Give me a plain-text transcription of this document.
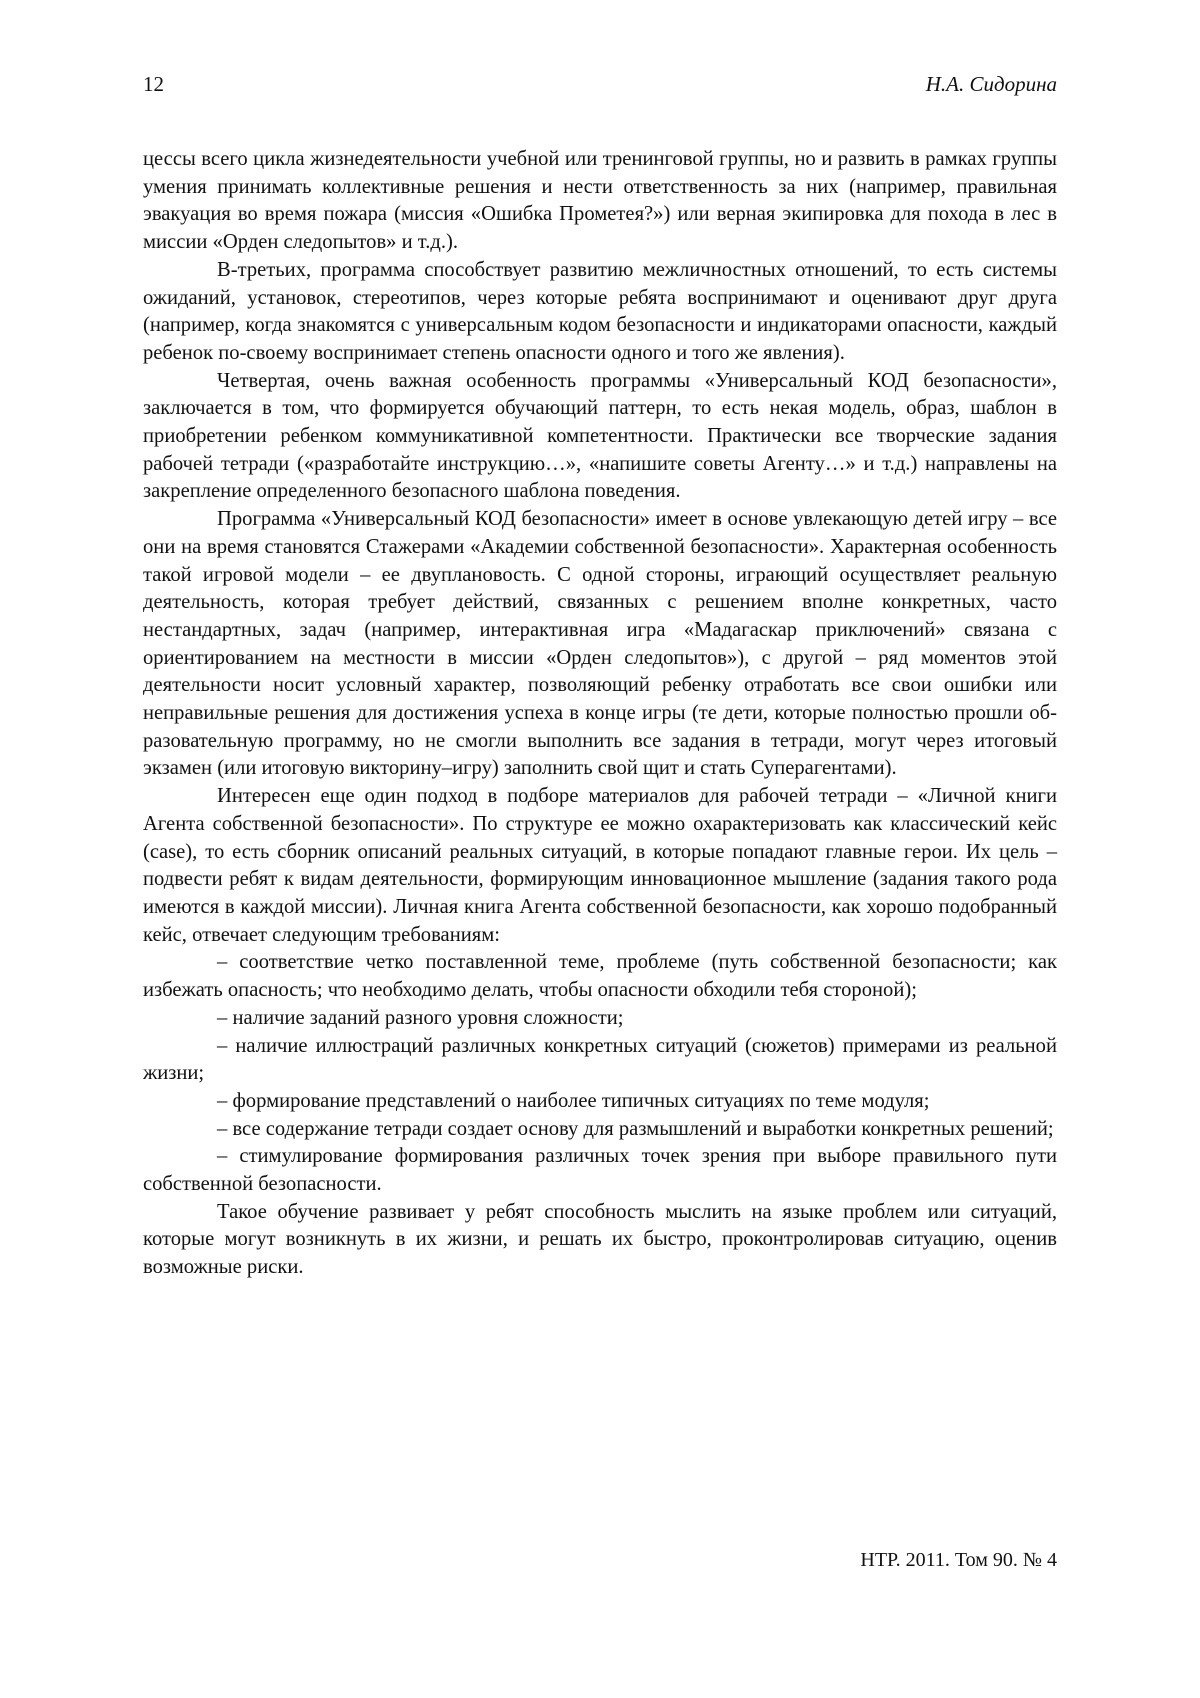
12	Н.А. Сидорина

цессы всего цикла жизнедеятельности учебной или тренинговой группы, но и развить в рамках группы умения принимать коллективные решения и нести ответственность за них (например, правильная эвакуация во время пожара (миссия «Ошибка Прометея?») или верная экипировка для похода в лес в миссии «Орден следопытов» и т.д.).

В-третьих, программа способствует развитию межличностных отношений, то есть системы ожиданий, установок, стереотипов, через которые ребята воспринимают и оценивают друг друга (например, когда знакомятся с универсальным кодом безопасности и индикаторами опасности, каждый ребенок по-своему воспринимает степень опасности одного и того же явления).

Четвертая, очень важная особенность программы «Универсальный КОД безопасности», заключается в том, что формируется обучающий паттерн, то есть некая модель, образ, шаблон в приобретении ребенком коммуникативной компетентности. Практически все творческие задания рабочей тетради («разработайте инструкцию…», «напишите советы Агенту…» и т.д.) направлены на закрепление определенного безопасного шаблона поведения.

Программа «Универсальный КОД безопасности» имеет в основе увлекающую детей игру – все они на время становятся Стажерами «Академии собственной безопасности». Характерная особенность такой игровой модели – ее двуплановость. С одной стороны, играющий осуществляет реальную деятельность, которая требует действий, связанных с решением вполне конкретных, часто нестандартных, задач (например, интерактивная игра «Мадагаскар приключений» связана с ориентированием на местности в миссии «Орден следопытов»), с другой – ряд моментов этой деятельности носит условный характер, позволяющий ребенку отработать все свои ошибки или неправильные решения для достижения успеха в конце игры (те дети, которые полностью прошли образовательную программу, но не смогли выполнить все задания в тетради, могут через итоговый экзамен (или итоговую викторину–игру) заполнить свой щит и стать Суперагентами).

Интересен еще один подход в подборе материалов для рабочей тетради – «Личной книги Агента собственной безопасности». По структуре ее можно охарактеризовать как классический кейс (case), то есть сборник описаний реальных ситуаций, в которые попадают главные герои. Их цель – подвести ребят к видам деятельности, формирующим инновационное мышление (задания такого рода имеются в каждой миссии). Личная книга Агента собственной безопасности, как хорошо подобранный кейс, отвечает следующим требованиям:

– соответствие четко поставленной теме, проблеме (путь собственной безопасности; как избежать опасность; что необходимо делать, чтобы опасности обходили тебя стороной);

– наличие заданий разного уровня сложности;

– наличие иллюстраций различных конкретных ситуаций (сюжетов) примерами из реальной жизни;

– формирование представлений о наиболее типичных ситуациях по теме модуля;

– все содержание тетради создает основу для размышлений и выработки конкретных решений;

– стимулирование формирования различных точек зрения при выборе правильного пути собственной безопасности.

Такое обучение развивает у ребят способность мыслить на языке проблем или ситуаций, которые могут возникнуть в их жизни, и решать их быстро, проконтролировав ситуацию, оценив возможные риски.

НТР. 2011. Том 90. № 4
